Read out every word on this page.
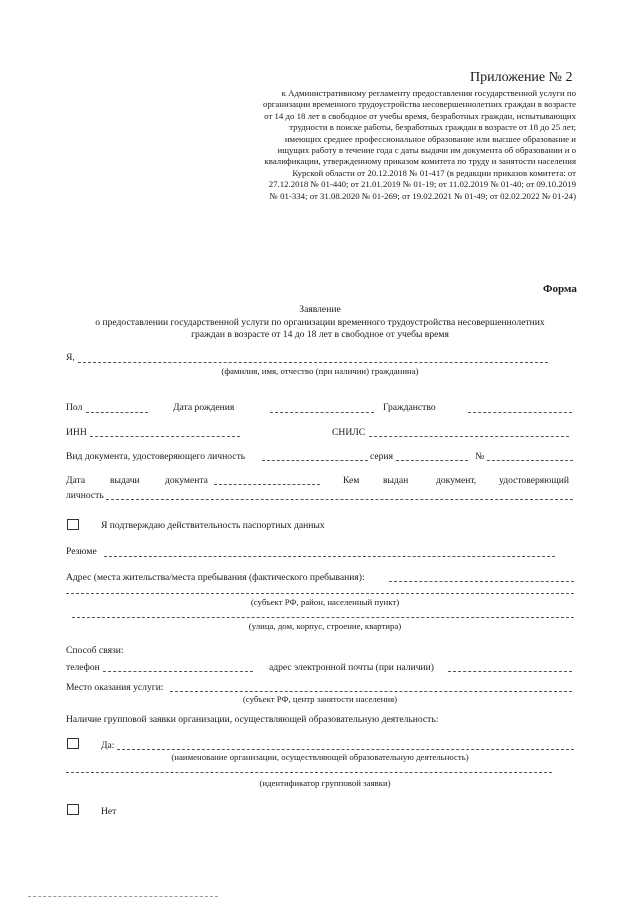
Приложение № 2
к Административному регламенту предоставления государственной услуги по организации временного трудоустройства несовершеннолетних граждан в возрасте от 14 до 18 лет в свободное от учебы время, безработных граждан, испытывающих трудности в поиске работы, безработных граждан в возрасте от 18 до 25 лет, имеющих среднее профессиональное образование или высшее образование и ищущих работу в течение года с даты выдачи им документа об образовании и о квалификации, утвержденному приказом комитета по труду и занятости населения Курской области от 20.12.2018 № 01-417 (в редакции приказов комитета: от 27.12.2018 № 01-440; от 21.01.2019 № 01-19; от 11.02.2019 № 01-40; от 09.10.2019 № 01-334; от 31.08.2020 № 01-269; от 19.02.2021 № 01-49; от 02.02.2022 № 01-24)
Форма
Заявление
о предоставлении государственной услуги по организации временного трудоустройства несовершеннолетних
граждан в возрасте от 14 до 18 лет в свободное от учебы время
Я,
(фамилия, имя, отчество (при наличии) гражданина)
Пол	Дата рождения	Гражданство
ИНН	СНИЛС
Вид документа, удостоверяющего личность	серия	№
Дата	выдачи	документа	Кем выдан	документ, удостоверяющий
личность
Я подтверждаю действительность паспортных данных
Резюме
Адрес (места жительства/места пребывания (фактического пребывания):
(субъект РФ, район, населенный пункт)
(улица, дом, корпус, строение, квартира)
Способ связи:
телефон	адрес электронной почты (при наличии)
Место оказания услуги:
(субъект РФ, центр занятости населения)
Наличие групповой заявки организации, осуществляющей образовательную деятельность:
Да:
(наименование организации, осуществляющей образовательную деятельность)
(идентификатор групповой заявки)
Нет
